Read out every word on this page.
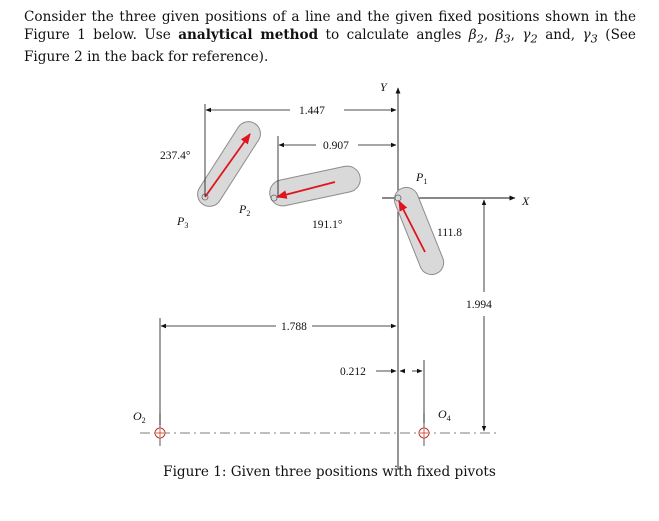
Consider the three given positions of a line and the given fixed positions shown in the Figure 1 below. Use analytical method to calculate angles $\beta_2$, $\beta_3$, $\gamma_2$ and, $\gamma_3$ (See Figure 2 in the back for reference).
Y
X
1.447
0.907
237.4°
191.1°
111.8
1.994
1.788
0.212
$P_1$
$P_2$
$P_3$
$O_2$	$O_4$
Figure 1: Given three positions with fixed pivots
